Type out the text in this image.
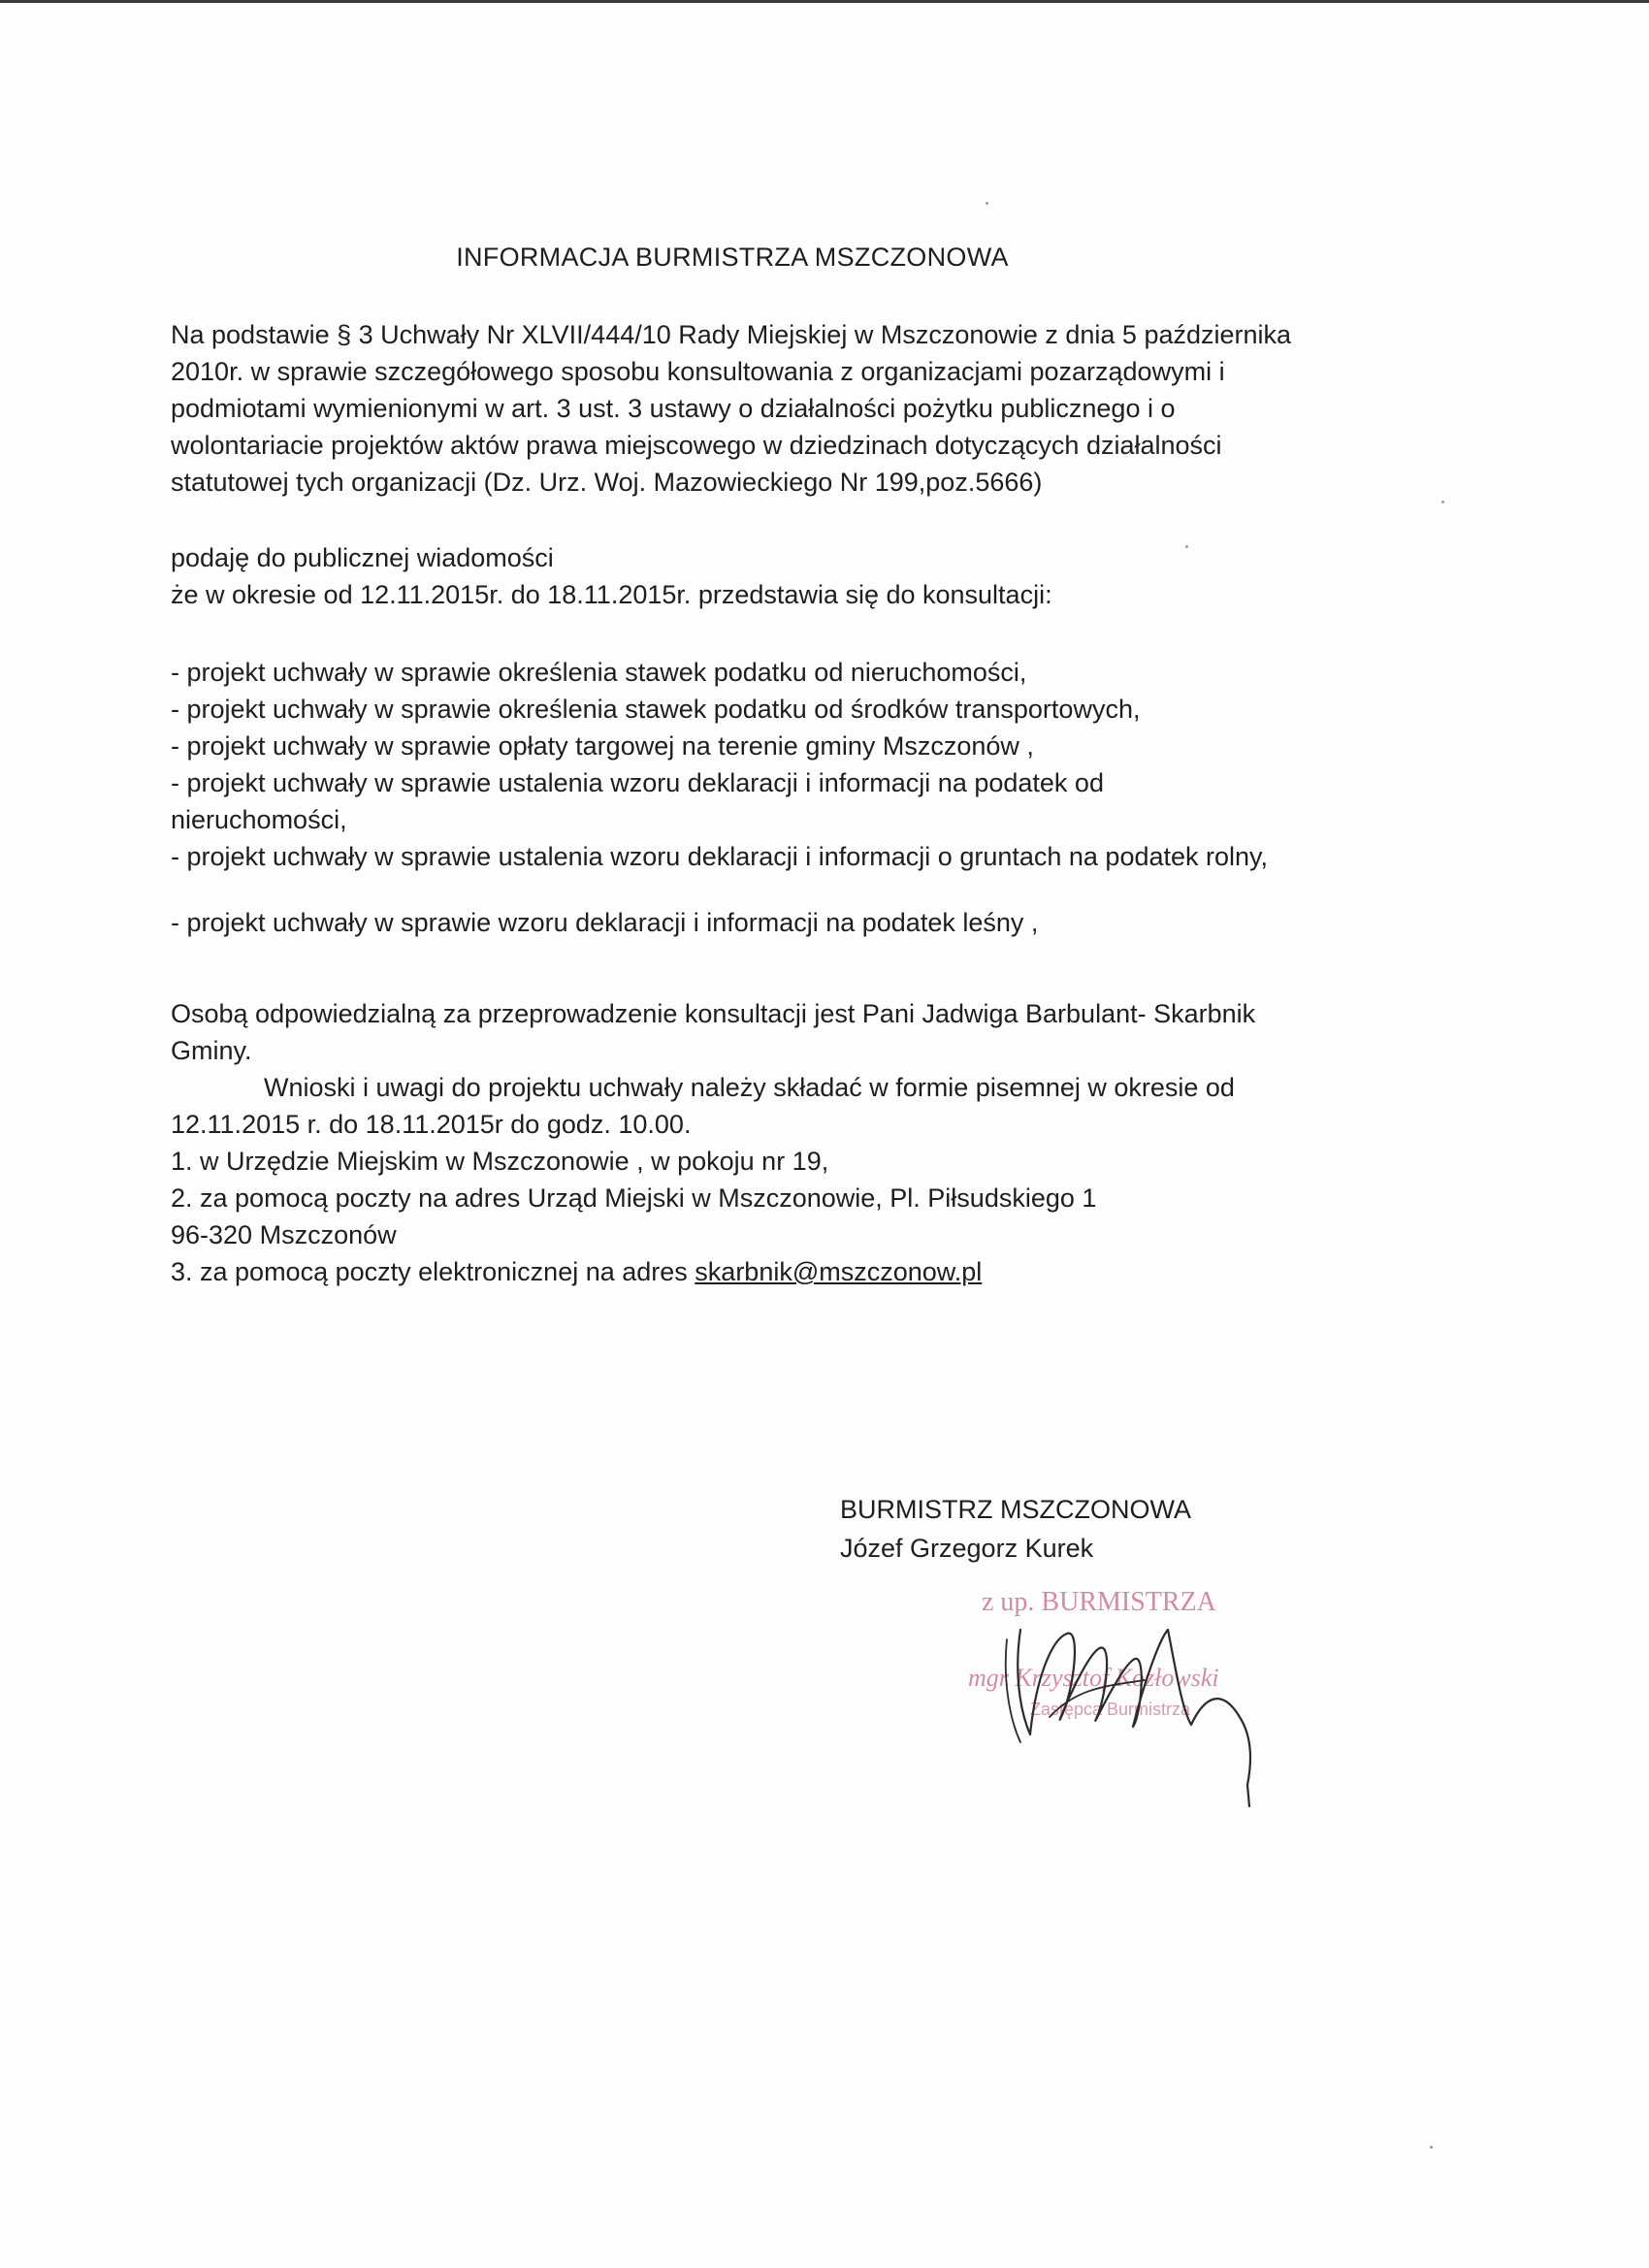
INFORMACJA BURMISTRZA MSZCZONOWA
Na podstawie § 3 Uchwały Nr XLVII/444/10 Rady Miejskiej w Mszczonowie z dnia 5 października
2010r. w sprawie szczegółowego sposobu konsultowania z organizacjami pozarządowymi i
podmiotami wymienionymi w art. 3 ust. 3 ustawy o działalności pożytku publicznego i o
wolontariacie projektów aktów prawa miejscowego w dziedzinach dotyczących działalności
statutowej tych organizacji (Dz. Urz. Woj. Mazowieckiego Nr 199,poz.5666)
podaję do publicznej wiadomości
że w okresie od 12.11.2015r. do 18.11.2015r. przedstawia się do konsultacji:
- projekt uchwały w sprawie określenia stawek podatku od nieruchomości,
- projekt uchwały w sprawie określenia stawek podatku od środków transportowych,
- projekt uchwały w sprawie opłaty targowej na terenie gminy Mszczonów ,
- projekt uchwały w sprawie ustalenia wzoru deklaracji i informacji na podatek od
nieruchomości,
- projekt uchwały w sprawie ustalenia wzoru deklaracji i informacji o gruntach na podatek rolny,
- projekt uchwały w sprawie wzoru deklaracji i informacji na podatek leśny ,
Osobą odpowiedzialną za przeprowadzenie konsultacji jest Pani Jadwiga Barbulant- Skarbnik
Gminy.
Wnioski i uwagi do projektu uchwały należy składać w formie pisemnej w okresie od
12.11.2015 r. do 18.11.2015r do godz. 10.00.
1. w Urzędzie Miejskim w Mszczonowie , w pokoju nr 19,
2. za pomocą poczty na adres Urząd Miejski w Mszczonowie, Pl. Piłsudskiego 1
96-320 Mszczonów
3. za pomocą poczty elektronicznej na adres skarbnik@mszczonow.pl
BURMISTRZ MSZCZONOWA
Józef Grzegorz Kurek
z up. BURMISTRZA
mgr Krzysztof Kozłowski
Zastępca Burmistrza
